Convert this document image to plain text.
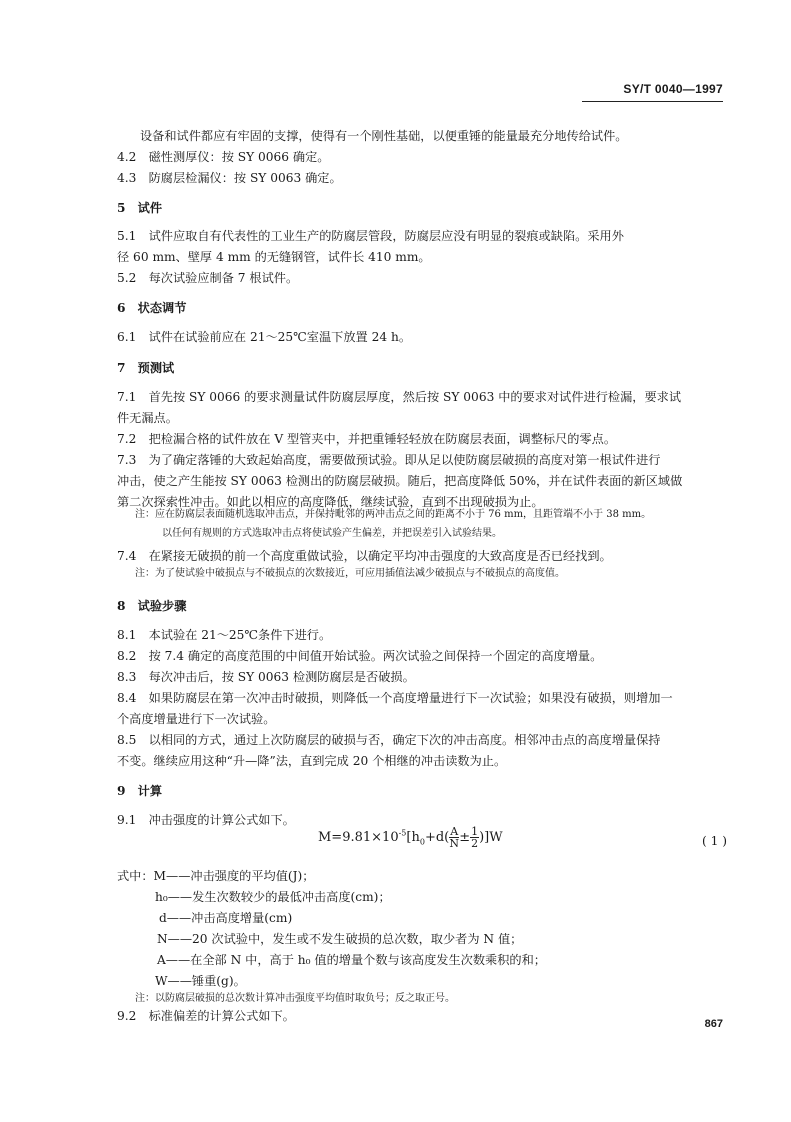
SY/T 0040—1997
设备和试件都应有牢固的支撑，使得有一个刚性基础，以便重锤的能量最充分地传给试件。
4.2　磁性测厚仪：按 SY 0066 确定。
4.3　防腐层检漏仪：按 SY 0063 确定。
5　试件
5.1　试件应取自有代表性的工业生产的防腐层管段，防腐层应没有明显的裂痕或缺陷。采用外
径 60 mm、壁厚 4 mm 的无缝钢管，试件长 410 mm。
5.2　每次试验应制备 7 根试件。
6　状态调节
6.1　试件在试验前应在 21～25℃室温下放置 24 h。
7　预测试
7.1　首先按 SY 0066 的要求测量试件防腐层厚度，然后按 SY 0063 中的要求对试件进行检漏，要求试
件无漏点。
7.2　把检漏合格的试件放在 V 型管夹中，并把重锤轻轻放在防腐层表面，调整标尺的零点。
7.3　为了确定落锤的大致起始高度，需要做预试验。即从足以使防腐层破损的高度对第一根试件进行
冲击，使之产生能按 SY 0063 检测出的防腐层破损。随后，把高度降低 50%，并在试件表面的新区域做
第二次探索性冲击。如此以相应的高度降低，继续试验，直到不出现破损为止。
注：应在防腐层表面随机选取冲击点，并保持毗邻的两冲击点之间的距离不小于 76 mm，且距管端不小于 38 mm。
以任何有规则的方式选取冲击点将使试验产生偏差，并把误差引入试验结果。
7.4　在紧接无破损的前一个高度重做试验，以确定平均冲击强度的大致高度是否已经找到。
注：为了使试验中破损点与不破损点的次数接近，可应用插值法减少破损点与不破损点的高度值。
8　试验步骤
8.1　本试验在 21～25℃条件下进行。
8.2　按 7.4 确定的高度范围的中间值开始试验。两次试验之间保持一个固定的高度增量。
8.3　每次冲击后，按 SY 0063 检测防腐层是否破损。
8.4　如果防腐层在第一次冲击时破损，则降低一个高度增量进行下一次试验；如果没有破损，则增加一
个高度增量进行下一次试验。
8.5　以相同的方式，通过上次防腐层的破损与否，确定下次的冲击高度。相邻冲击点的高度增量保持
不变。继续应用这种“升—降”法，直到完成 20 个相继的冲击读数为止。
9　计算
9.1　冲击强度的计算公式如下。
$M=9.81\times 10^{-5}[h_0+d( \frac{A}{N} \pm \frac{1}{2} )]W$	( 1 )
式中：M——冲击强度的平均值(J)；
h₀——发生次数较少的最低冲击高度(cm)；
d——冲击高度增量(cm)
N——20 次试验中，发生或不发生破损的总次数，取少者为 N 值；
A——在全部 N 中，高于 h₀ 值的增量个数与该高度发生次数乘积的和；
W——锤重(g)。
注：以防腐层破损的总次数计算冲击强度平均值时取负号；反之取正号。
9.2　标准偏差的计算公式如下。
867
